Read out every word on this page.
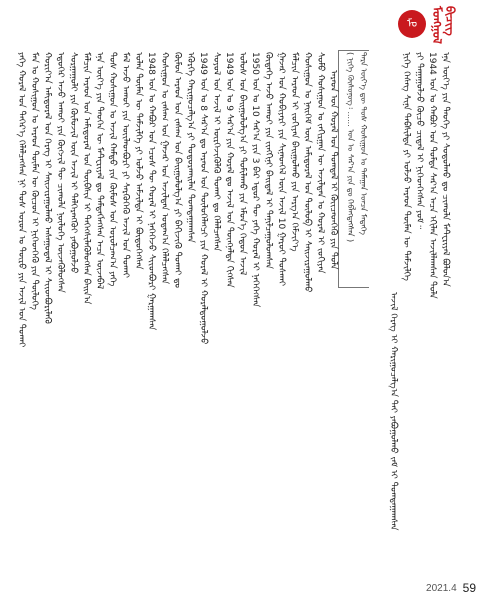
ᠮᠣ	ᠮᠣᠩᠭᠣᠯ ᠪᠢᠴᠢᠭ
( ᠨᠢᠭᠡ ᠬᠦᠰᠦᠨᠦᠭ᠄ ...... ᠣᠨ ᠤ ᠰᠠᠷ᠎ᠠ ᠶᠢᠨ ᠳᠤ ᠬᠡᠪᠯᠡᠭᠳᠡᠭᠰᠡᠨ ) ᠲᠡᠷᠡ ᠦᠶ᠎ᠡ ᠳᠦ ᠲᠤᠰ ᠬᠣᠰᠢᠭᠤᠨ ᠤ ᠲᠠᠮᠠᠭᠠᠨ ᠣᠨᠴᠠ ᠮᠡᠳᠡᠭᠡ
ᠶᠡᠬᠡ ᠬᠤᠷᠠᠯ ᠤᠨ ᠳᠡᠭᠡᠷ᠎ᠡ ᠬᠡᠯᠡᠯᠴᠡᠭᠰᠡᠨ ᠨᠢ ᠲᠤᠰ ᠣᠷᠣᠨ ᠤ ᠲᠦᠷᠦ ᠶᠢᠨ ᠠᠵᠢᠯ ᠤᠨ ᠲᠤᠬᠠᠢ ᠮᠠᠨ ᠤ ᠬᠣᠰᠢᠭᠤᠨ ᠤ ᠠᠷᠠᠳ ᠲᠦᠮᠡᠨ ᠦ ᠬᠦᠴᠦᠨ ᠢ ᠨᠢᠭᠡᠳᠬᠡᠬᠦ ᠶᠢᠨ ᠲᠥᠯᠥᠭᠡ ᠬᠣᠷᠢᠶ᠎ᠠ ᠠᠮᠢᠳᠤᠷᠠᠯ ᠤᠨ ᠬᠡᠷᠡᠭ ᠢ ᠰᠠᠢᠵᠢᠷᠠᠭᠤᠯᠬᠤ ᠠᠰᠠᠭᠤᠳᠠᠯ ᠢ ᠰᠢᠢᠳᠪᠦᠷᠢᠯᠡᠬᠦ ᠡᠳ᠋ᠦᠭᠡᠷ ᠠᠵᠤ ᠠᠬᠤᠢ ᠶᠢᠨ ᠬᠥᠭᠵᠢᠯ ᠲᠦ ᠴᠢᠬᠤᠯᠠ ᠨᠥᠯᠥᠭᠡ ᠦᠵᠡᠭᠦᠯᠦᠭᠰᠡᠨ ᠰᠤᠷᠭᠠᠭᠤᠯᠢ ᠶᠢᠨ ᠬᠦᠮᠦᠵᠢᠯ ᠦᠨ ᠠᠵᠢᠯ ᠢ ᠳᠡᠯᠭᠡᠷᠡᠩᠭᠦᠢ ᠶᠠᠪᠤᠭᠤᠯᠵᠤ ᠮᠠᠯᠴᠢᠨ ᠠᠷᠠᠳ ᠤᠨ ᠠᠮᠢᠳᠤᠷᠠᠯ ᠤᠨ ᠲᠥᠪᠰᠢᠨ ᠢ ᠳᠡᠭᠡᠭᠰᠢᠯᠡᠭᠦᠯᠦᠭᠰᠡᠨ ᠪᠠᠢᠨ᠎ᠠ ᠡᠨᠡ ᠦᠶ᠎ᠡ ᠶᠢᠨ ᠲᠡᠦᠬᠡᠨ ᠦ ᠮᠠᠲ᠋ᠧᠷᠢᠶᠠᠯ ᠳᠤ ᠲᠡᠮᠳᠡᠭᠯᠡᠭᠰᠡᠨ ᠠᠴᠠ ᠦᠵᠡᠪᠡᠯ ᠲᠤᠰ ᠬᠣᠰᠢᠭᠤᠨ ᠤ ᠠᠵᠢᠯ ᠬᠠᠮᠲᠤ ᠶᠢᠨ ᠬᠦᠮᠦᠰ ᠤᠨ ᠣᠷᠤᠯᠴᠠᠭ᠎ᠠ ᠶᠡᠬᠡ ᠮᠠᠯ ᠠᠵᠤ ᠠᠬᠤᠢ ᠶᠢᠨ ᠦᠢᠯᠡᠳᠪᠦᠷᠢ ᠶᠢ ᠰᠡᠷᠭᠦᠭᠡᠬᠦ ᠠᠵᠢᠯ ᠤᠨ ᠲᠤᠬᠠᠢ ᠣᠯᠠᠨ ᠲᠥᠮᠡᠨ ᠦ ᠳᠡᠮᠵᠢᠯᠭᠡ ᠶᠢ ᠣᠯᠵᠤ ᠠᠮᠵᠢᠯᠲᠠ ᠢ ᠪᠦᠲᠦᠭᠡᠭᠰᠡᠨ 1948 ᠣᠨ ᠤ ᠬᠠᠪᠤᠷ ᠤᠨ ᠡᠴᠦᠰ ᠲᠦ ᠬᠤᠷᠠᠯ ᠢ ᠨᠡᠭᠡᠭᠡᠵᠦ ᠰᠢᠢᠳᠪᠦᠷᠢ ᠭᠠᠷᠭᠠᠭᠰᠠᠨ ᠬᠣᠰᠢᠭᠤᠨ ᠤ ᠵᠠᠰᠠᠭ ᠤᠨ ᠭᠠᠵᠠᠷ ᠤᠨ ᠠᠵᠢᠯᠲᠠᠨ ᠤᠳᠠᠭ᠎ᠠ ᠬᠡᠯᠡᠯᠴᠡᠭᠰᠡᠨ ᠬᠦᠮᠦᠨ ᠠᠷᠠᠳ ᠤᠨ ᠵᠠᠰᠠᠭ ᠤᠨ ᠪᠠᠢᠭᠤᠯᠤᠯᠭ᠎ᠠ ᠶᠢ ᠪᠡᠬᠢᠵᠢᠬᠦ ᠲᠤᠬᠠᠢ ᠳᠤ ᠡᠭᠦᠷᠭᠡ ᠬᠠᠷᠢᠭᠤᠴᠠᠯᠭ᠎ᠠ ᠶᠢ ᠲᠣᠳᠤᠷᠬᠠᠢᠯᠠᠨ ᠲᠣᠭᠲᠠᠭᠠᠭᠰᠠᠨ 1949 ᠣᠨ ᠤ 8 ᠰᠠᠷ᠎ᠠ ᠳᠤ ᠠᠷᠠᠳ ᠤᠨ ᠲᠥᠯᠥᠭᠡᠯᠡᠭᠴᠢ ᠶᠢᠨ ᠬᠤᠷᠠᠯ ᠢ ᠬᠤᠷᠠᠯᠳᠤᠭᠤᠯᠵᠤ ᠰᠣᠶᠣᠯ ᠤᠨ ᠠᠵᠢᠯ ᠢ ᠥᠷᠭᠡᠵᠢᠭᠦᠯᠬᠦ ᠲᠤᠬᠠᠢ ᠳᠤ ᠬᠡᠯᠡᠯᠴᠡᠭᠰᠡᠨ 1949 ᠣᠨ ᠤ 9 ᠰᠠᠷ᠎ᠠ ᠶᠢᠨ ᠬᠤᠷᠠᠯ ᠳᠤ ᠠᠵᠢᠯ ᠤᠨ ᠳᠦᠩᠨᠡᠯᠲᠡ ᠬᠢᠭᠰᠡᠨ ᠤᠯᠤᠰ ᠤᠨ ᠪᠠᠢᠭᠤᠯᠤᠯᠭ᠎ᠠ ᠶᠢ ᠲᠤᠮᠢᠯᠠᠬᠤ ᠶᠢᠨ ᠡᠮᠦᠨ᠎ᠡ ᠬᠡᠳᠦᠨ ᠠᠵᠢᠯ 1950 ᠣᠨ ᠤ 10 ᠰᠠᠷ᠎ᠠ ᠶᠢᠨ 3 ᠪᠡᠷ ᠡᠳᠦᠷ ᠲᠦ ᠶᠡᠬᠡ ᠬᠤᠷᠠᠯ ᠢ ᠨᠡᠭᠡᠭᠡᠭᠰᠡᠨ ᠬᠥᠳᠡᠭᠡ ᠠᠵᠤ ᠠᠬᠤᠢ ᠶᠢᠨ ᠵᠢᠩᠬᠢᠨᠢ ᠪᠠᠢᠳᠠᠯ ᠢ ᠲᠠᠨᠢᠯᠴᠠᠭᠤᠯᠤᠭᠰᠠᠨ ᠭᠠᠵᠠᠷ ᠤᠨ ᠬᠤᠪᠢᠶᠠᠷᠢ ᠶᠢᠨ ᠰᠢᠨᠡᠳᠬᠡᠯ ᠦᠨ ᠠᠵᠢᠯ 10 ᠭᠠᠷᠤᠢ ᠲᠤᠰᠬᠠᠢ ᠮᠠᠯᠴᠢᠨ ᠠᠷᠠᠳ ᠢ ᠵᠣᠬᠢᠶᠠᠨ ᠪᠠᠢᠭᠤᠯᠬᠤ ᠶᠢᠨ ᠠᠷᠭ᠎ᠠ ᠬᠡᠮᠵᠢᠶ᠎ᠡ ᠬᠣᠰᠢᠭᠤᠨ ᠤ ᠨᠡᠢᠭᠡᠮ ᠦᠨ ᠠᠮᠢᠳᠤᠷᠠᠯ ᠤᠨ ᠲᠥᠯᠥᠪ ᠢ ᠰᠠᠢᠵᠢᠷᠠᠭᠤᠯᠬᠤ ᠰᠤᠮᠤ ᠬᠣᠰᠢᠭᠤᠨ ᠤ ᠵᠠᠬᠢᠷᠭᠠᠨ ᠦ ᠠᠵᠢᠯᠲᠠᠨ ᠤ ᠬᠤᠷᠠᠯ ᠢ ᠵᠣᠬᠢᠶᠠᠨ ᠠᠷᠠᠳ ᠤᠨ ᠬᠤᠷᠠᠯ ᠤᠨ ᠲᠣᠭᠲᠠᠯ ᠢ ᠭᠦᠢᠴᠡᠳᠬᠡᠬᠦ ᠶᠢᠨ ᠲᠤᠯᠠ
ᠠᠵᠢᠯ ᠬᠡᠷᠡᠭ ᠢ ᠬᠠᠷᠢᠭᠤᠴᠠᠯᠭ᠎ᠠ ᠲᠠᠢ ᠶᠠᠪᠤᠭᠤᠯᠬᠤ ᠵᠠᠮ ᠢ ᠲᠣᠭᠲᠠᠭᠠᠭᠰᠠᠨ
ᠨᠢᠭᠡ ᠬᠡᠰᠡᠭ ᠰᠢᠨᠡ ᠳᠡᠪᠰᠢᠯᠲᠡ ᠶᠢ ᠣᠯᠵᠤ ᠠᠷᠠᠳ ᠲᠦᠮᠡᠨ ᠦ ᠳᠡᠮᠵᠢᠯᠭᠡ ᠶᠢ ᠳᠠᠭᠠᠭᠤᠯᠵᠤ ᠬᠦᠴᠦ ᠴᠢᠳᠠᠯ ᠢ ᠨᠢᠭᠡᠳᠬᠡᠭᠰᠡᠨ ᠶᠤᠮ᠃ 1944 ᠣᠨ ᠤ ᠬᠠᠪᠤᠷ ᠤᠨ ᠳᠤᠮᠳᠠ ᠰᠠᠷ᠎ᠠ ᠠᠴᠠ ᠡᠬᠢᠯᠡᠨ ᠠᠵᠢᠯᠯᠠᠭᠰᠠᠨ ᠲᠤᠯᠠ ᠡᠨᠡ ᠦᠶ᠎ᠡ ᠶᠢᠨ ᠲᠡᠦᠬᠡ ᠶᠢ ᠰᠤᠳᠤᠯᠬᠤ ᠳᠤ ᠴᠢᠬᠤᠯᠠ ᠮᠠᠲ᠋ᠧᠷᠢᠶᠠᠯ ᠪᠣᠯᠤᠨ᠎ᠠ
2021.4 59
